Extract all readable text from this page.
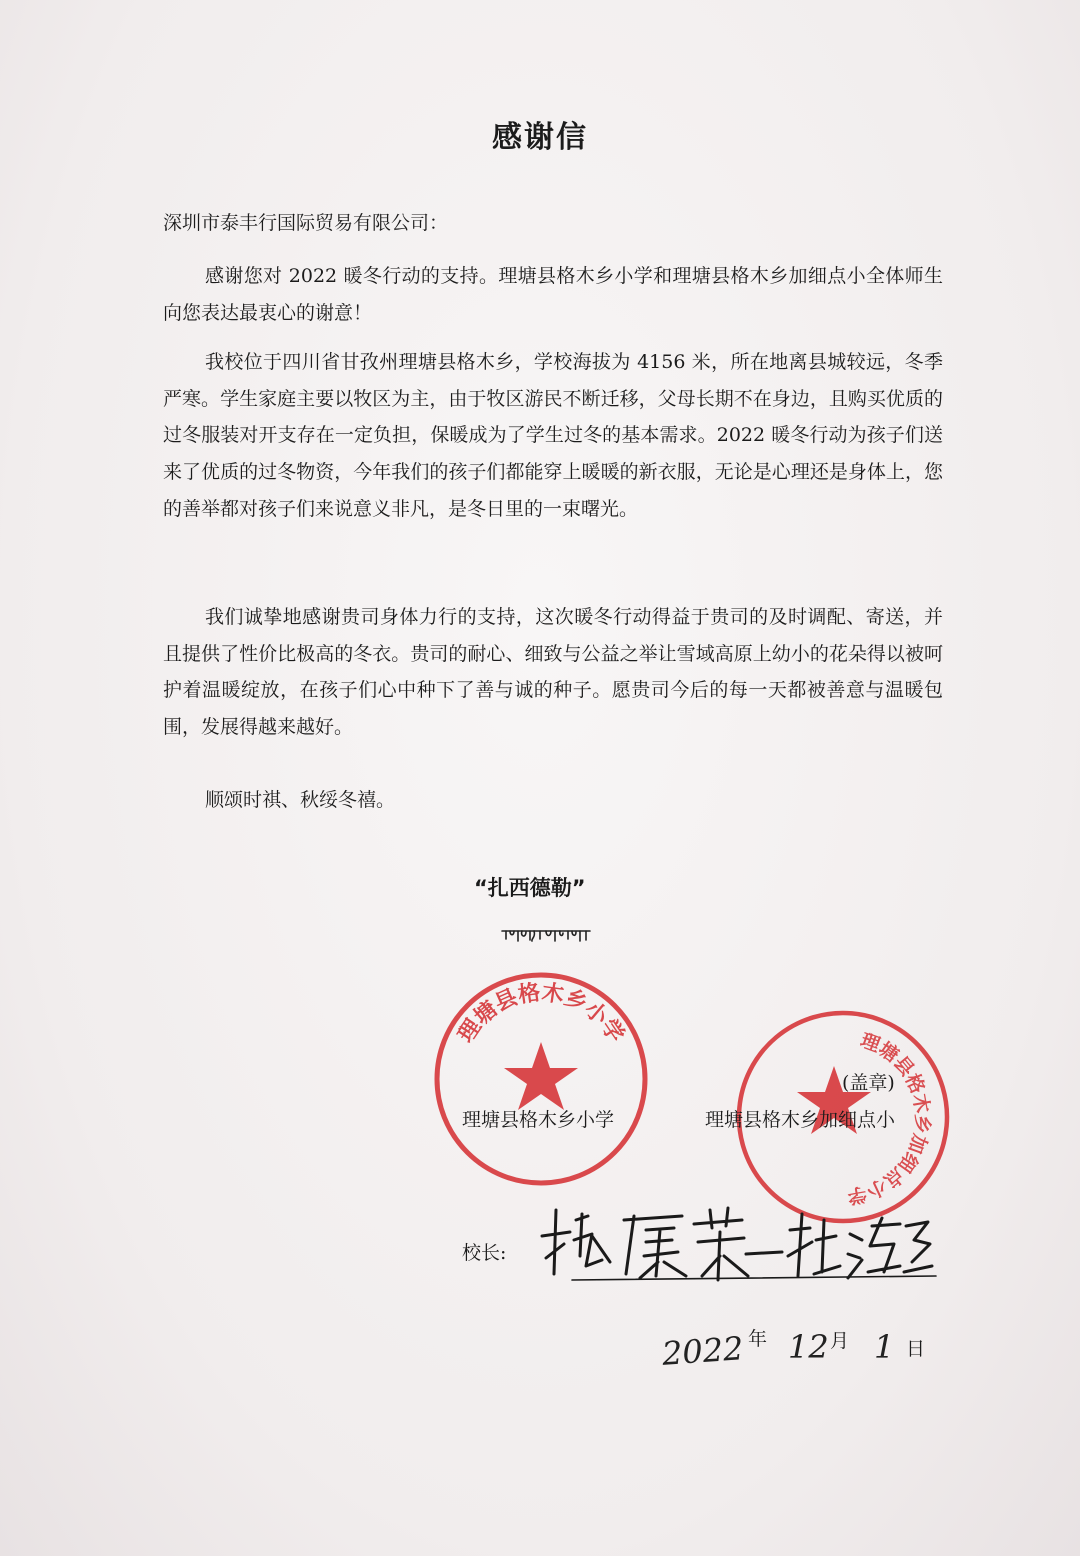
感谢信
深圳市泰丰行国际贸易有限公司：

感谢您对 2022 暖冬行动的支持。理塘县格木乡小学和理塘县格木乡加细点小全体师生向您表达最衷心的谢意！

我校位于四川省甘孜州理塘县格木乡，学校海拔为 4156 米，所在地离县城较远，冬季严寒。学生家庭主要以牧区为主，由于牧区游民不断迁移，父母长期不在身边，且购买优质的过冬服装对开支存在一定负担，保暖成为了学生过冬的基本需求。2022 暖冬行动为孩子们送来了优质的过冬物资，今年我们的孩子们都能穿上暖暖的新衣服，无论是心理还是身体上，您的善举都对孩子们来说意义非凡，是冬日里的一束曙光。

我们诚挚地感谢贵司身体力行的支持，这次暖冬行动得益于贵司的及时调配、寄送，并且提供了性价比极高的冬衣。贵司的耐心、细致与公益之举让雪域高原上幼小的花朵得以被呵护着温暖绽放，在孩子们心中种下了善与诚的种子。愿贵司今后的每一天都被善意与温暖包围，发展得越来越好。

顺颂时祺、秋绥冬禧。

“扎西德勒”
理塘县格木乡小学	理塘县格木乡加细点小学
理塘县格木乡小学	理塘县格木乡加细点小
(盖章)
校长:
2022 年 12 月 1 日
